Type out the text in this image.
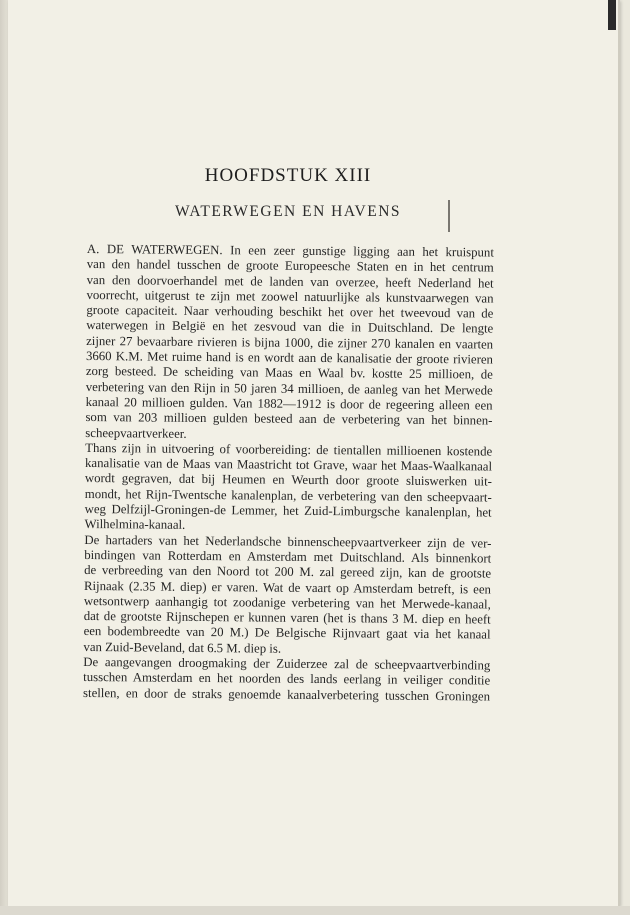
HOOFDSTUK XIII
WATERWEGEN EN HAVENS
A. DE WATERWEGEN. In een zeer gunstige ligging aan het kruispunt
van den handel tusschen de groote Europeesche Staten en in het centrum
van den doorvoerhandel met de landen van overzee, heeft Nederland het
voorrecht, uitgerust te zijn met zoowel natuurlijke als kunstvaarwegen van
groote capaciteit. Naar verhouding beschikt het over het tweevoud van de
waterwegen in België en het zesvoud van die in Duitschland. De lengte
zijner 27 bevaarbare rivieren is bijna 1000, die zijner 270 kanalen en vaarten
3660 K.M. Met ruime hand is en wordt aan de kanalisatie der groote rivieren
zorg besteed. De scheiding van Maas en Waal bv. kostte 25 millioen, de
verbetering van den Rijn in 50 jaren 34 millioen, de aanleg van het Merwede
kanaal 20 millioen gulden. Van 1882—1912 is door de regeering alleen een
som van 203 millioen gulden besteed aan de verbetering van het binnen-
scheepvaartverkeer.
Thans zijn in uitvoering of voorbereiding: de tientallen millioenen kostende
kanalisatie van de Maas van Maastricht tot Grave, waar het Maas-Waalkanaal
wordt gegraven, dat bij Heumen en Weurth door groote sluiswerken uit-
mondt, het Rijn-Twentsche kanalenplan, de verbetering van den scheepvaart-
weg Delfzijl-Groningen-de Lemmer, het Zuid-Limburgsche kanalenplan, het
Wilhelmina-kanaal.
De hartaders van het Nederlandsche binnenscheepvaartverkeer zijn de ver-
bindingen van Rotterdam en Amsterdam met Duitschland. Als binnenkort
de verbreeding van den Noord tot 200 M. zal gereed zijn, kan de grootste
Rijnaak (2.35 M. diep) er varen. Wat de vaart op Amsterdam betreft, is een
wetsontwerp aanhangig tot zoodanige verbetering van het Merwede-kanaal,
dat de grootste Rijnschepen er kunnen varen (het is thans 3 M. diep en heeft
een bodembreedte van 20 M.) De Belgische Rijnvaart gaat via het kanaal
van Zuid-Beveland, dat 6.5 M. diep is.
De aangevangen droogmaking der Zuiderzee zal de scheepvaartverbinding
tusschen Amsterdam en het noorden des lands eerlang in veiliger conditie
stellen, en door de straks genoemde kanaalverbetering tusschen Groningen
